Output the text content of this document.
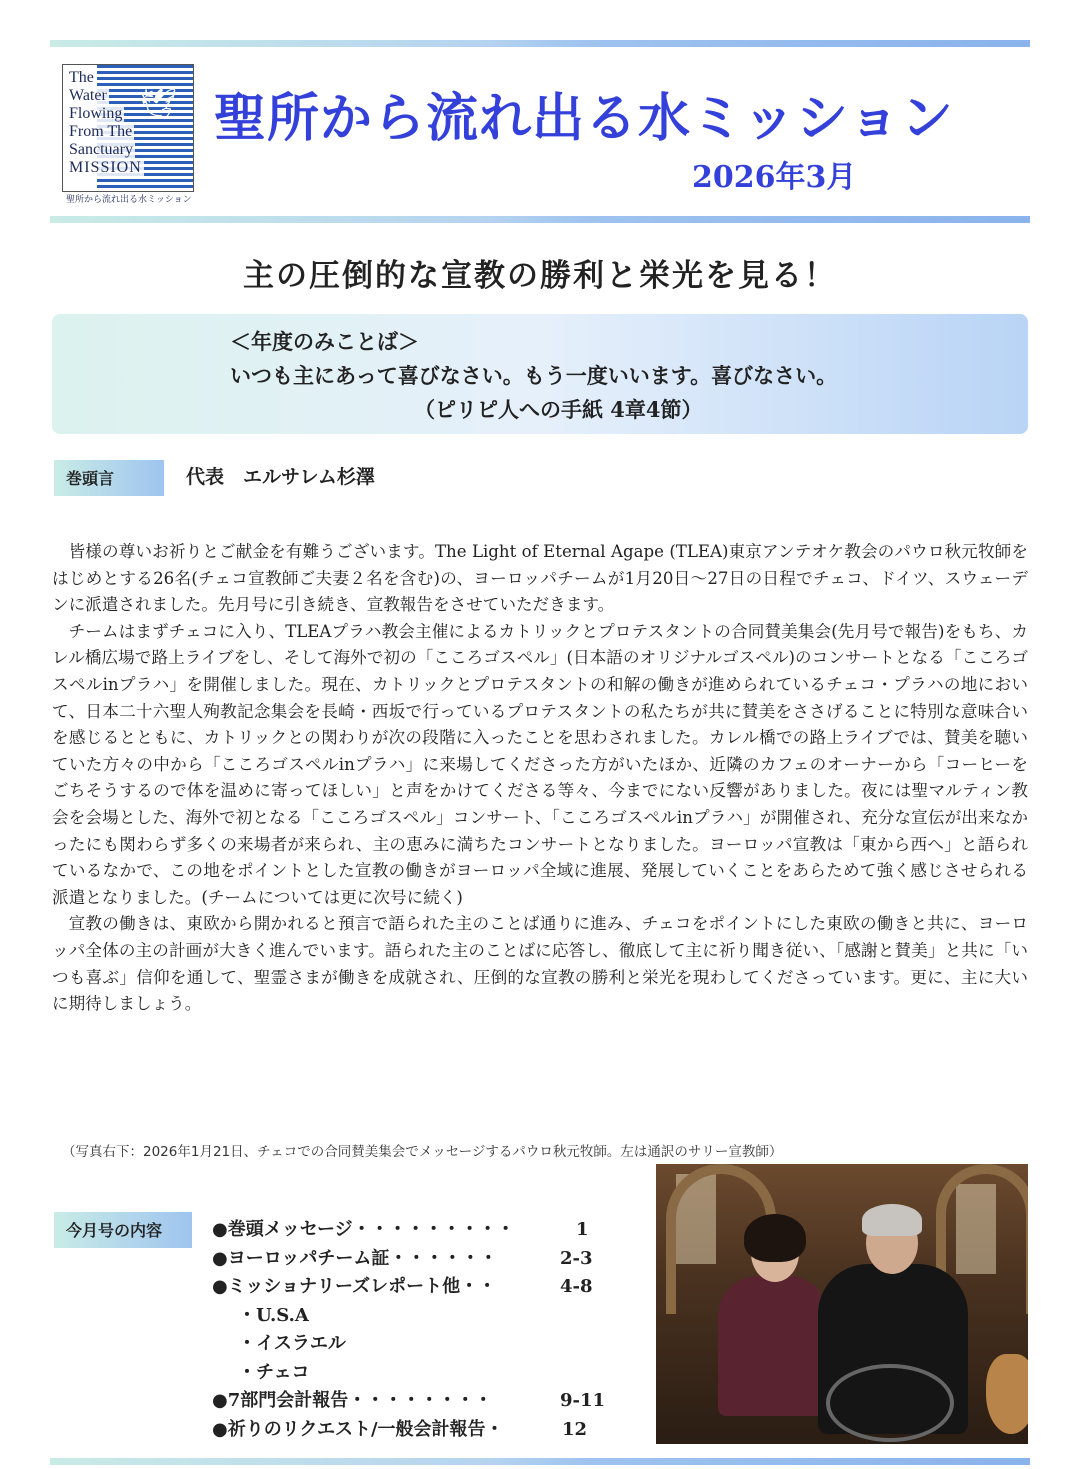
🕊
The
Water
Flowing
From The
Sanctuary
MISSION
聖所から流れ出る水ミッション
聖所から流れ出る水ミッション
2026年3月
主の圧倒的な宣教の勝利と栄光を見る！
＜年度のみことば＞
いつも主にあって喜びなさい。もう一度いいます。喜びなさい。
（ピリピ人への手紙 4章4節）
巻頭言	代表　エルサレム杉澤

皆様の尊いお祈りとご献金を有難うございます。The Light of Eternal Agape (TLEA)東京アンテオケ教会のパウロ秋元牧師をはじめとする26名(チェコ宣教師ご夫妻２名を含む)の、ヨーロッパチームが1月20日～27日の日程でチェコ、ドイツ、スウェーデンに派遣されました。先月号に引き続き、宣教報告をさせていただきます。

チームはまずチェコに入り、TLEAプラハ教会主催によるカトリックとプロテスタントの合同賛美集会(先月号で報告)をもち、カレル橋広場で路上ライブをし、そして海外で初の「こころゴスペル」(日本語のオリジナルゴスペル)のコンサートとなる「こころゴスペルinプラハ」を開催しました。現在、カトリックとプロテスタントの和解の働きが進められているチェコ・プラハの地において、日本二十六聖人殉教記念集会を長崎・西坂で行っているプロテスタントの私たちが共に賛美をささげることに特別な意味合いを感じるとともに、カトリックとの関わりが次の段階に入ったことを思わされました。カレル橋での路上ライブでは、賛美を聴いていた方々の中から「こころゴスペルinプラハ」に来場してくださった方がいたほか、近隣のカフェのオーナーから「コーヒーをごちそうするので体を温めに寄ってほしい」と声をかけてくださる等々、今までにない反響がありました。夜には聖マルティン教会を会場とした、海外で初となる「こころゴスペル」コンサート、「こころゴスペルinプラハ」が開催され、充分な宣伝が出来なかったにも関わらず多くの来場者が来られ、主の恵みに満ちたコンサートとなりました。ヨーロッパ宣教は「東から西へ」と語られているなかで、この地をポイントとした宣教の働きがヨーロッパ全域に進展、発展していくことをあらためて強く感じさせられる派遣となりました。(チームについては更に次号に続く)

宣教の働きは、東欧から開かれると預言で語られた主のことば通りに進み、チェコをポイントにした東欧の働きと共に、ヨーロッパ全体の主の計画が大きく進んでいます。語られた主のことばに応答し、徹底して主に祈り聞き従い、「感謝と賛美」と共に「いつも喜ぶ」信仰を通して、聖霊さまが働きを成就され、圧倒的な宣教の勝利と栄光を現わしてくださっています。更に、主に大いに期待しましょう。

（写真右下：2026年1月21日、チェコでの合同賛美集会でメッセージするパウロ秋元牧師。左は通訳のサリー宣教師）
今月号の内容	●巻頭メッセージ・・・・・・・・・	1
●ヨーロッパチーム証・・・・・・	2-3
●ミッショナリーズレポート他・・	4-8
・U.S.A
・イスラエル
・チェコ
●7部門会計報告・・・・・・・・	9-11
●祈りのリクエスト/一般会計報告・	12
